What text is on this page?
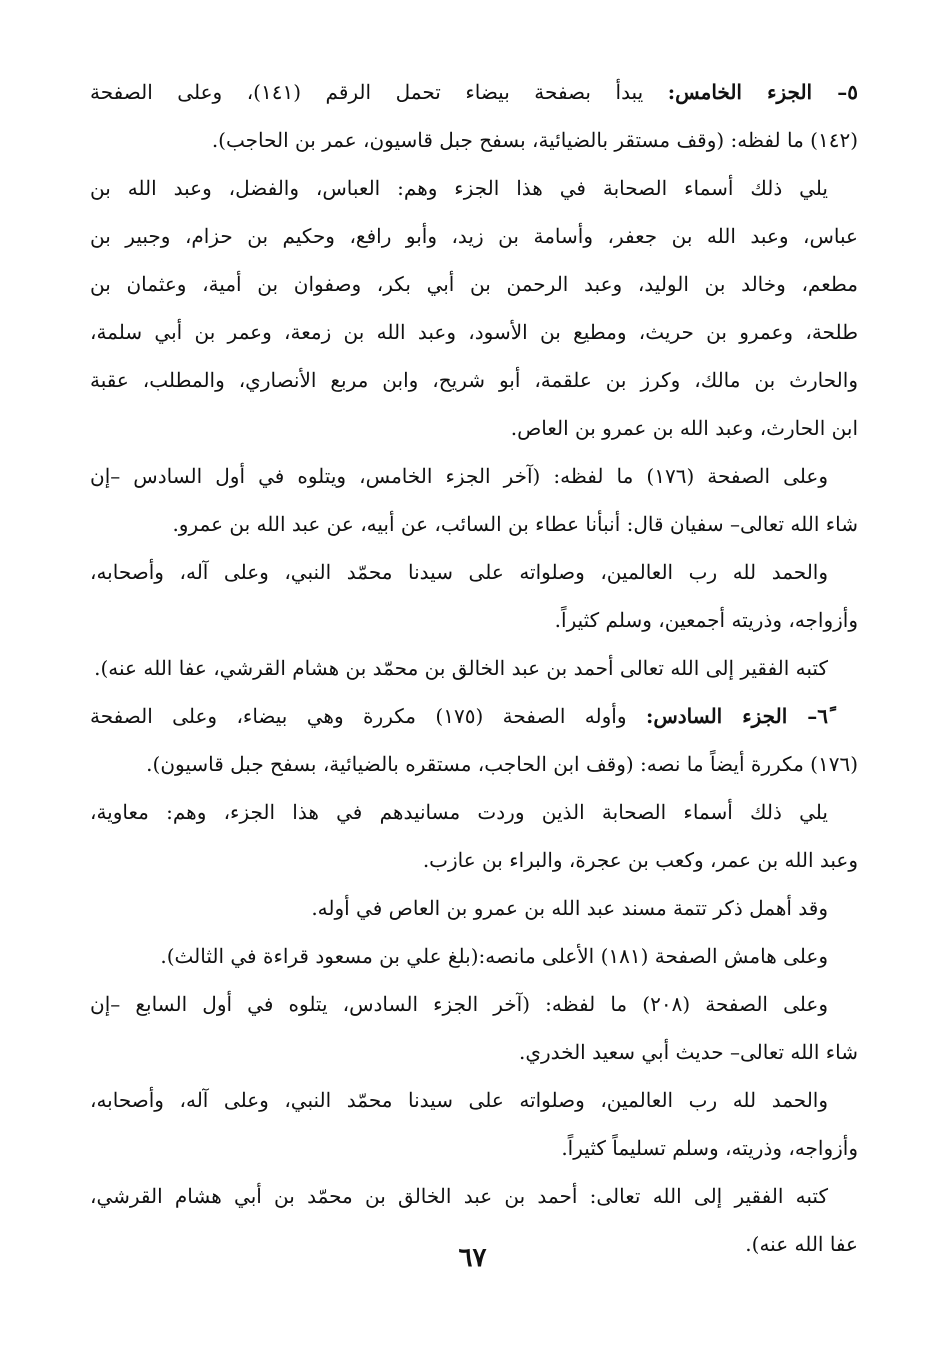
٥ً– الجزء الخامس: يبدأ بصفحة بيضاء تحمل الرقم (١٤١)، وعلى الصفحة
(١٤٢) ما لفظه: (وقف مستقر بالضيائية، بسفح جبل قاسيون، عمر بن الحاجب).
يلي ذلك أسماء الصحابة في هذا الجزء وهم: العباس، والفضل، وعبد الله بن
عباس، وعبد الله بن جعفر، وأسامة بن زيد، وأبو رافع، وحكيم بن حزام، وجبير بن
مطعم، وخالد بن الوليد، وعبد الرحمن بن أبي بكر، وصفوان بن أمية، وعثمان بن
طلحة، وعمرو بن حريث، ومطيع بن الأسود، وعبد الله بن زمعة، وعمر بن أبي سلمة،
والحارث بن مالك، وكرز بن علقمة، أبو شريح، وابن مربع الأنصاري، والمطلب، عقبة
ابن الحارث، وعبد الله بن عمرو بن العاص.
وعلى الصفحة (١٧٦) ما لفظه: (آخر الجزء الخامس، ويتلوه في أول السادس –إن
شاء الله تعالى– سفيان قال: أنبأنا عطاء بن السائب، عن أبيه، عن عبد الله بن عمرو.
والحمد لله رب العالمين، وصلواته على سيدنا محمّد النبي، وعلى آله، وأصحابه،
وأزواجه، وذريته أجمعين، وسلم كثيراً.
كتبه الفقير إلى الله تعالى أحمد بن عبد الخالق بن محمّد بن هشام القرشي، عفا الله عنه).
٦ً– الجزء السادس: وأوله الصفحة (١٧٥) مكررة وهي بيضاء، وعلى الصفحة
(١٧٦) مكررة أيضاً ما نصه: (وقف ابن الحاجب، مستقره بالضيائية، بسفح جبل قاسيون).
يلي ذلك أسماء الصحابة الذين وردت مسانيدهم في هذا الجزء، وهم: معاوية،
وعبد الله بن عمر، وكعب بن عجرة، والبراء بن عازب.
وقد أهمل ذكر تتمة مسند عبد الله بن عمرو بن العاص في أوله.
وعلى هامش الصفحة (١٨١) الأعلى مانصه:(بلغ علي بن مسعود قراءة في الثالث).
وعلى الصفحة (٢٠٨) ما لفظه: (آخر الجزء السادس، يتلوه في أول السابع –إن
شاء الله تعالى– حديث أبي سعيد الخدري.
والحمد لله رب العالمين، وصلواته على سيدنا محمّد النبي، وعلى آله، وأصحابه،
وأزواجه، وذريته، وسلم تسليماً كثيراً.
كتبه الفقير إلى الله تعالى: أحمد بن عبد الخالق بن محمّد بن أبي هشام القرشي،
عفا الله عنه).
٦٧
